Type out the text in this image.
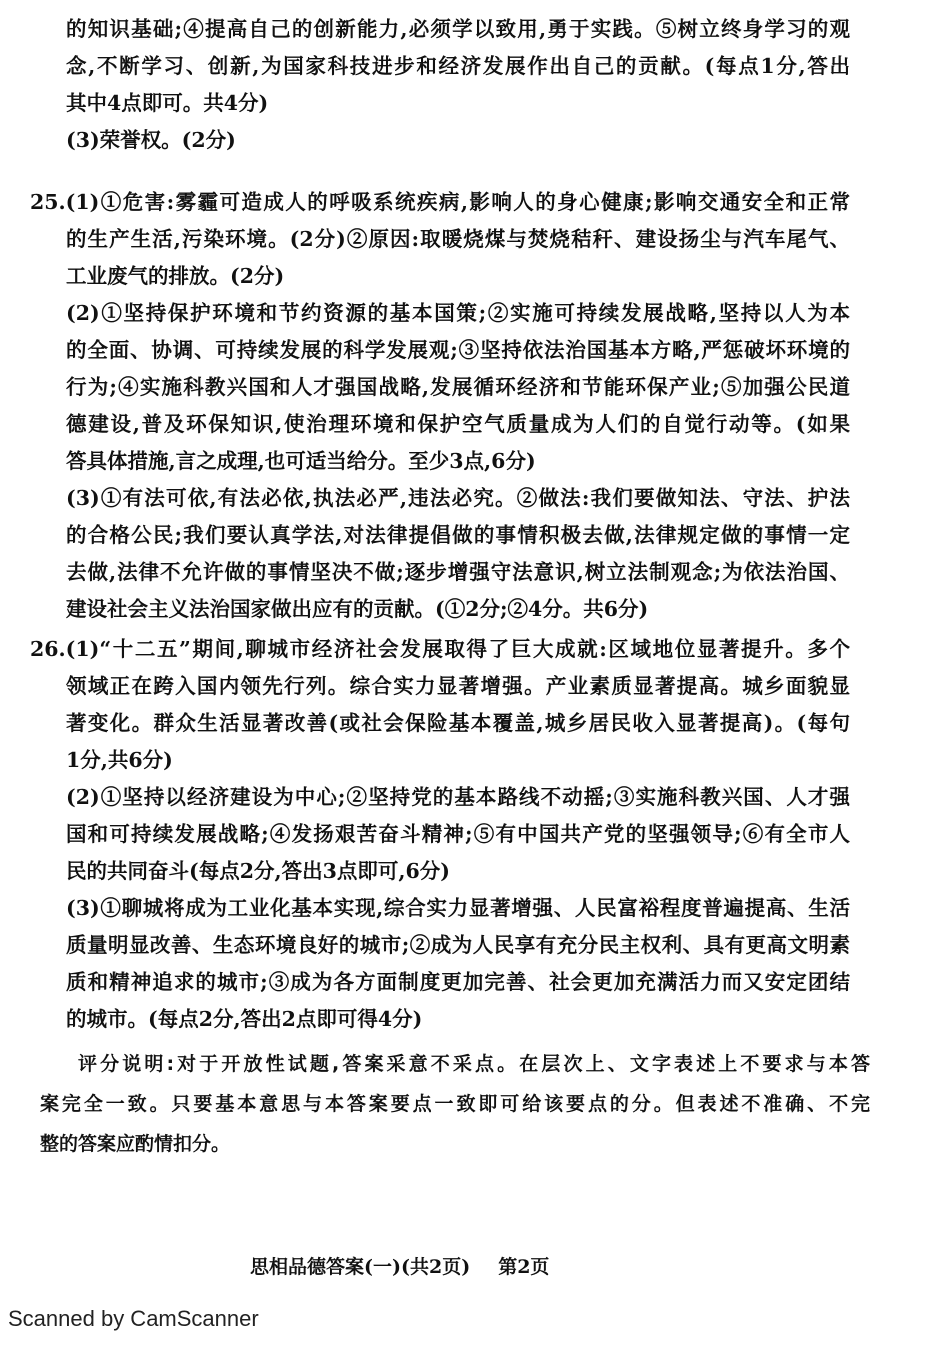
的知识基础;④提高自己的创新能力,必须学以致用,勇于实践。⑤树立终身学习的观
念,不断学习、创新,为国家科技进步和经济发展作出自己的贡献。(每点1分,答出
其中4点即可。共4分)
(3)荣誉权。(2分)
25.(1)①危害:雾霾可造成人的呼吸系统疾病,影响人的身心健康;影响交通安全和正常
的生产生活,污染环境。(2分)②原因:取暖烧煤与焚烧秸秆、建设扬尘与汽车尾气、
工业废气的排放。(2分)
(2)①坚持保护环境和节约资源的基本国策;②实施可持续发展战略,坚持以人为本
的全面、协调、可持续发展的科学发展观;③坚持依法治国基本方略,严惩破坏环境的
行为;④实施科教兴国和人才强国战略,发展循环经济和节能环保产业;⑤加强公民道
德建设,普及环保知识,使治理环境和保护空气质量成为人们的自觉行动等。(如果
答具体措施,言之成理,也可适当给分。至少3点,6分)
(3)①有法可依,有法必依,执法必严,违法必究。②做法:我们要做知法、守法、护法
的合格公民;我们要认真学法,对法律提倡做的事情积极去做,法律规定做的事情一定
去做,法律不允许做的事情坚决不做;逐步增强守法意识,树立法制观念;为依法治国、
建设社会主义法治国家做出应有的贡献。(①2分;②4分。共6分)
26.(1)“十二五”期间,聊城市经济社会发展取得了巨大成就:区域地位显著提升。多个
领域正在跨入国内领先行列。综合实力显著增强。产业素质显著提高。城乡面貌显
著变化。群众生活显著改善(或社会保险基本覆盖,城乡居民收入显著提高)。(每句
1分,共6分)
(2)①坚持以经济建设为中心;②坚持党的基本路线不动摇;③实施科教兴国、人才强
国和可持续发展战略;④发扬艰苦奋斗精神;⑤有中国共产党的坚强领导;⑥有全市人
民的共同奋斗(每点2分,答出3点即可,6分)
(3)①聊城将成为工业化基本实现,综合实力显著增强、人民富裕程度普遍提高、生活
质量明显改善、生态环境良好的城市;②成为人民享有充分民主权利、具有更高文明素
质和精神追求的城市;③成为各方面制度更加完善、社会更加充满活力而又安定团结
的城市。(每点2分,答出2点即可得4分)
评分说明:对于开放性试题,答案采意不采点。在层次上、文字表述上不要求与本答
案完全一致。只要基本意思与本答案要点一致即可给该要点的分。但表述不准确、不完
整的答案应酌情扣分。
思相品德答案(一)(共2页) 第2页
Scanned by CamScanner
